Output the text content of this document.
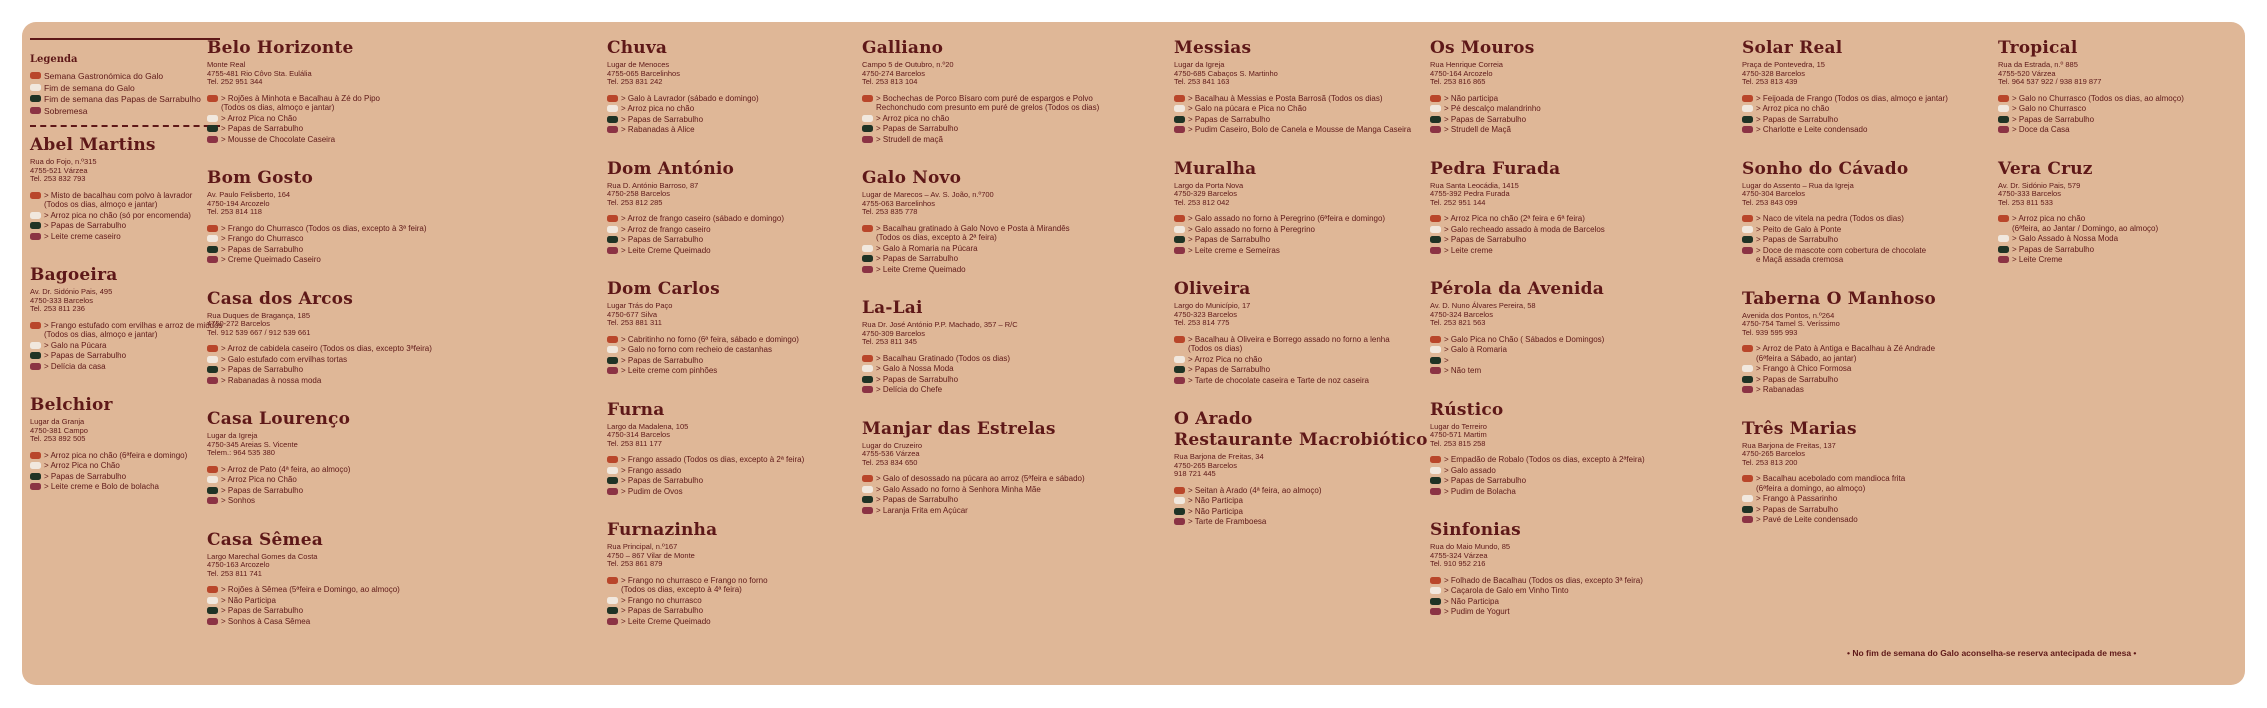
Legenda
Semana Gastronómica do Galo
Fim de semana do Galo
Fim de semana das Papas de Sarrabulho
Sobremesa
Abel Martins
Rua do Fojo, n.º315
4755-521 Várzea
Tel. 253 832 793
> Misto de bacalhau com polvo à lavrador
(Todos os dias, almoço e jantar)
> Arroz pica no chão (só por encomenda)
> Papas de Sarrabulho
> Leite creme caseiro
Bagoeira
Av. Dr. Sidónio Pais, 495
4750-333 Barcelos
Tel. 253 811 236
> Frango estufado com ervilhas e arroz de miúdos
(Todos os dias, almoço e jantar)
> Galo na Púcara
> Papas de Sarrabulho
> Delícia da casa
Belchior
Lugar da Granja
4750-381 Campo
Tel. 253 892 505
> Arroz pica no chão (6ªfeira e domingo)
> Arroz Pica no Chão
> Papas de Sarrabulho
> Leite creme e Bolo de bolacha
Belo Horizonte
Monte Real
4755-481 Rio Côvo Sta. Eulália
Tel. 252 951 344
> Rojões à Minhota e Bacalhau à Zé do Pipo
(Todos os dias, almoço e jantar)
> Arroz Pica no Chão
> Papas de Sarrabulho
> Mousse de Chocolate Caseira
Bom Gosto
Av. Paulo Felisberto, 164
4750-194 Arcozelo
Tel. 253 814 118
> Frango do Churrasco (Todos os dias, excepto à 3ª feira)
> Frango do Churrasco
> Papas de Sarrabulho
> Creme Queimado Caseiro
Casa dos Arcos
Rua Duques de Bragança, 185
4750-272 Barcelos
Tel. 912 539 667 / 912 539 661
> Arroz de cabidela caseiro (Todos os dias, excepto 3ªfeira)
> Galo estufado com ervilhas tortas
> Papas de Sarrabulho
> Rabanadas à nossa moda
Casa Lourenço
Lugar da Igreja
4750-345 Areias S. Vicente
Telem.: 964 535 380
> Arroz de Pato (4ª feira, ao almoço)
> Arroz Pica no Chão
> Papas de Sarrabulho
> Sonhos
Casa Sêmea
Largo Marechal Gomes da Costa
4750-163 Arcozelo
Tel. 253 811 741
> Rojões à Sêmea (5ªfeira e Domingo, ao almoço)
> Não Participa
> Papas de Sarrabulho
> Sonhos à Casa Sêmea
Chuva
Lugar de Menoces
4755-065 Barcelinhos
Tel. 253 831 242
> Galo à Lavrador (sábado e domingo)
> Arroz pica no chão
> Papas de Sarrabulho
> Rabanadas à Alice
Dom António
Rua D. António Barroso, 87
4750-258 Barcelos
Tel. 253 812 285
> Arroz de frango caseiro (sábado e domingo)
> Arroz de frango caseiro
> Papas de Sarrabulho
> Leite Creme Queimado
Dom Carlos
Lugar Trás do Paço
4750-677 Silva
Tel. 253 881 311
> Cabritinho no forno (6ª feira, sábado e domingo)
> Galo no forno com recheio de castanhas
> Papas de Sarrabulho
> Leite creme com pinhões
Furna
Largo da Madalena, 105
4750-314 Barcelos
Tel. 253 811 177
> Frango assado (Todos os dias, excepto à 2ª feira)
> Frango assado
> Papas de Sarrabulho
> Pudim de Ovos
Furnazinha
Rua Principal, n.º167
4750 – 867 Vilar de Monte
Tel. 253 861 879
> Frango no churrasco e Frango no forno
(Todos os dias, excepto à 4ª feira)
> Frango no churrasco
> Papas de Sarrabulho
> Leite Creme Queimado
Galliano
Campo 5 de Outubro, n.º20
4750-274 Barcelos
Tel. 253 813 104
> Bochechas de Porco Bísaro com puré de espargos e Polvo
Rechonchudo com presunto em puré de grelos (Todos os dias)
> Arroz pica no chão
> Papas de Sarrabulho
> Strudell de maçã
Galo Novo
Lugar de Marecos – Av. S. João, n.º700
4755-063 Barcelinhos
Tel. 253 835 778
> Bacalhau gratinado à Galo Novo e Posta à Mirandês
(Todos os dias, excepto à 2ª feira)
> Galo à Romaria na Púcara
> Papas de Sarrabulho
> Leite Creme Queimado
La-Lai
Rua Dr. José António P.P. Machado, 357 – R/C
4750-309 Barcelos
Tel. 253 811 345
> Bacalhau Gratinado (Todos os dias)
> Galo à Nossa Moda
> Papas de Sarrabulho
> Delícia do Chefe
Manjar das Estrelas
Lugar do Cruzeiro
4755-536 Várzea
Tel. 253 834 650
> Galo of desossado na púcara ao arroz (5ªfeira e sábado)
> Galo Assado no forno à Senhora Minha Mãe
> Papas de Sarrabulho
> Laranja Frita em Açúcar
Messias
Lugar da Igreja
4750-685 Cabaços S. Martinho
Tel. 253 841 163
> Bacalhau à Messias e Posta Barrosã (Todos os dias)
> Galo na púcara e Pica no Chão
> Papas de Sarrabulho
> Pudim Caseiro, Bolo de Canela e Mousse de Manga Caseira
Muralha
Largo da Porta Nova
4750-329 Barcelos
Tel. 253 812 042
> Galo assado no forno à Peregrino (6ªfeira e domingo)
> Galo assado no forno à Peregrino
> Papas de Sarrabulho
> Leite creme e Semeíras
Oliveira
Largo do Município, 17
4750-323 Barcelos
Tel. 253 814 775
> Bacalhau à Oliveira e Borrego assado no forno a lenha
(Todos os dias)
> Arroz Pica no chão
> Papas de Sarrabulho
> Tarte de chocolate caseira e Tarte de noz caseira
O Arado
Restaurante Macrobiótico
Rua Barjona de Freitas, 34
4750-265 Barcelos
918 721 445
> Seitan à Arado (4ª feira, ao almoço)
> Não Participa
> Não Participa
> Tarte de Framboesa
Os Mouros
Rua Henrique Correia
4750-164 Arcozelo
Tel. 253 816 865
> Não participa
> Pé descalço malandrinho
> Papas de Sarrabulho
> Strudell de Maçã
Pedra Furada
Rua Santa Leocádia, 1415
4755-392 Pedra Furada
Tel. 252 951 144
> Arroz Pica no chão (2ª feira e 6ª feira)
> Galo recheado assado à moda de Barcelos
> Papas de Sarrabulho
> Leite creme
Pérola da Avenida
Av. D. Nuno Álvares Pereira, 58
4750-324 Barcelos
Tel. 253 821 563
> Galo Pica no Chão ( Sábados e Domingos)
> Galo à Romaria
>
> Não tem
Rústico
Lugar do Terreiro
4750-571 Martim
Tel. 253 815 258
> Empadão de Robalo (Todos os dias, excepto à 2ªfeira)
> Galo assado
> Papas de Sarrabulho
> Pudim de Bolacha
Sinfonias
Rua do Maio Mundo, 85
4755-324 Várzea
Tel. 910 952 216
> Folhado de Bacalhau (Todos os dias, excepto 3ª feira)
> Caçarola de Galo em Vinho Tinto
> Não Participa
> Pudim de Yogurt
Solar Real
Praça de Pontevedra, 15
4750-328 Barcelos
Tel. 253 813 439
> Feijoada de Frango (Todos os dias, almoço e jantar)
> Arroz pica no chão
> Papas de Sarrabulho
> Charlotte e Leite condensado
Sonho do Cávado
Lugar do Assento – Rua da Igreja
4750-304 Barcelos
Tel. 253 843 099
> Naco de vitela na pedra (Todos os dias)
> Peito de Galo à Ponte
> Papas de Sarrabulho
> Doce de mascote com cobertura de chocolate
e Maçã assada cremosa
Taberna O Manhoso
Avenida dos Pontos, n.º264
4750-754 Tamel S. Veríssimo
Tel. 939 595 993
> Arroz de Pato à Antiga e Bacalhau à Zé Andrade
(6ªfeira a Sábado, ao jantar)
> Frango à Chico Formosa
> Papas de Sarrabulho
> Rabanadas
Três Marias
Rua Barjona de Freitas, 137
4750-265 Barcelos
Tel. 253 813 200
> Bacalhau acebolado com mandioca frita
(6ªfeira a domingo, ao almoço)
> Frango à Passarinho
> Papas de Sarrabulho
> Pavé de Leite condensado
Tropical
Rua da Estrada, n.º 885
4755-520 Várzea
Tel. 964 537 922 / 938 819 877
> Galo no Churrasco (Todos os dias, ao almoço)
> Galo no Churrasco
> Papas de Sarrabulho
> Doce da Casa
Vera Cruz
Av. Dr. Sidónio Pais, 579
4750-333 Barcelos
Tel. 253 811 533
> Arroz pica no chão
(6ªfeira, ao Jantar / Domingo, ao almoço)
> Galo Assado à Nossa Moda
> Papas de Sarrabulho
> Leite Creme
• No fim de semana do Galo aconselha-se reserva antecipada de mesa •
